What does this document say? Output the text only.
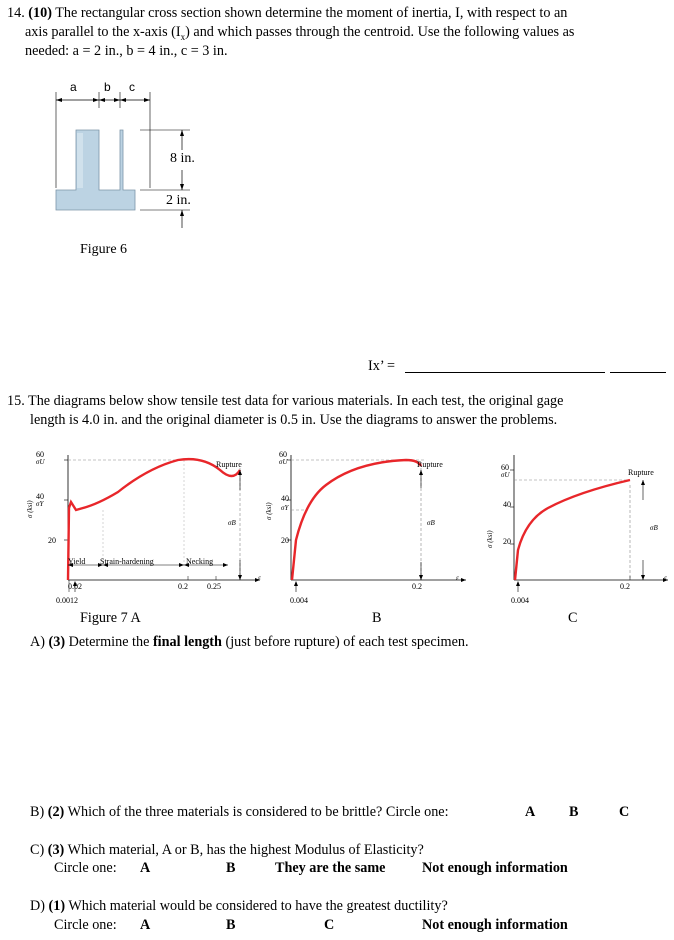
14. (10) The rectangular cross section shown determine the moment of inertia, I, with respect to an
axis parallel to the x-axis $(I_x)$ and which passes through the centroid. Use the following values as
needed: a = 2 in., b = 4 in., c = 3 in.
a b c
8 in.
2 in.
Figure 6
Ix’ =
15. The diagrams below show tensile test data for various materials. In each test, the original gage
length is 4.0 in. and the original diameter is 0.5 in. Use the diagrams to answer the problems.
60
σU
40
σY
20
σ (ksi)
Rupture
σB
ε
Yield Strain-hardening	Necking
0.02	0.2 0.25
0.0012
60
σU
40
σY
20
σ (ksi)
Rupture
σB
ε
0.2
0.004
60
σU
40
20
σ (ksi)
Rupture
σB
ε
0.2
0.004
Figure 7 A	B	C
A) (3) Determine the final length (just before rupture) of each test specimen.
B) (2) Which of the three materials is considered to be brittle? Circle one:	A B	C
C) (3) Which material, A or B, has the highest Modulus of Elasticity?
Circle one: A	B	They are the same	Not enough information
D) (1) Which material would be considered to have the greatest ductility?
Circle one: A	B	C	Not enough information
